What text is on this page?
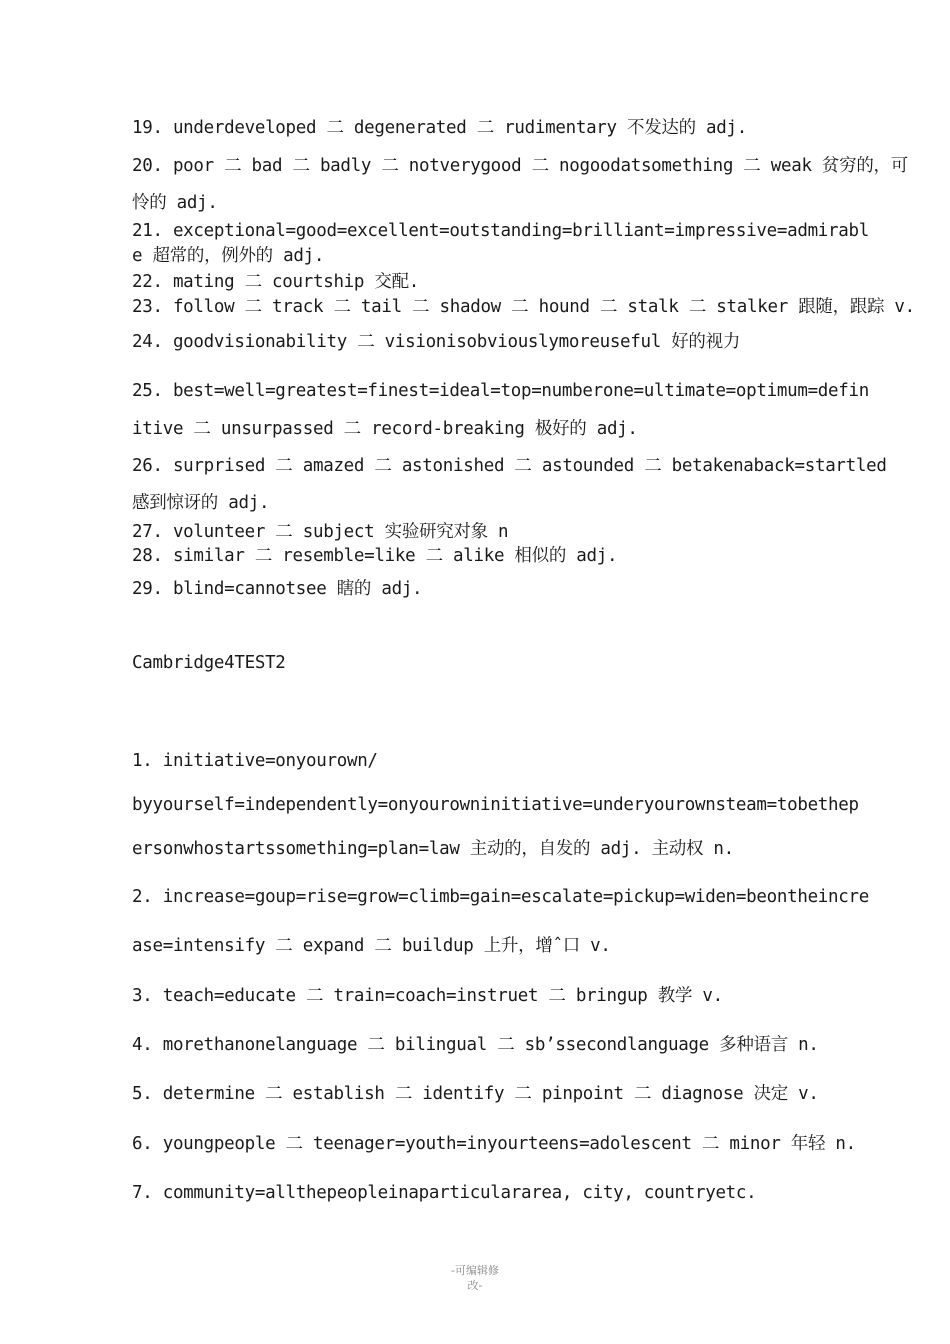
19. underdeveloped 二 degenerated 二 rudimentary 不发达的 adj.
20. poor 二 bad 二 badly 二 notverygood 二 nogoodatsomething 二 weak 贫穷的，可
怜的 adj.
21. exceptional=good=excellent=outstanding=brilliant=impressive=admirabl
e 超常的，例外的 adj.
22. mating 二 courtship 交配.
23. follow 二 track 二 tail 二 shadow 二 hound 二 stalk 二 stalker 跟随，跟踪 v.
24. goodvisionability 二 visionisobviouslymoreuseful 好的视力
25. best=well=greatest=finest=ideal=top=numberone=ultimate=optimum=defin
itive 二 unsurpassed 二 record-breaking 极好的 adj.
26. surprised 二 amazed 二 astonished 二 astounded 二 betakenaback=startled
感到惊讶的 adj.
27. volunteer 二 subject 实验研究对象 n
28. similar 二 resemble=like 二 alike 相似的 adj.
29. blind=cannotsee 瞎的 adj.
Cambridge4TEST2
1. initiative=onyourown/
byyourself=independently=onyourowninitiative=underyourownsteam=tobethep
ersonwhostartssomething=plan=law 主动的，自发的 adj. 主动权 n.
2. increase=goup=rise=grow=climb=gain=escalate=pickup=widen=beontheincre
ase=intensify 二 expand 二 buildup 上升，增ˆ口 v.
3. teach=educate 二 train=coach=instruet 二 bringup 教学 v.
4. morethanonelanguage 二 bilingual 二 sb’ssecondlanguage 多种语言 n.
5. determine 二 establish 二 identify 二 pinpoint 二 diagnose 决定 v.
6. youngpeople 二 teenager=youth=inyourteens=adolescent 二 minor 年轻 n.
7. community=allthepeopleinaparticulararea, city, countryetc.
-可编辑修
改-
